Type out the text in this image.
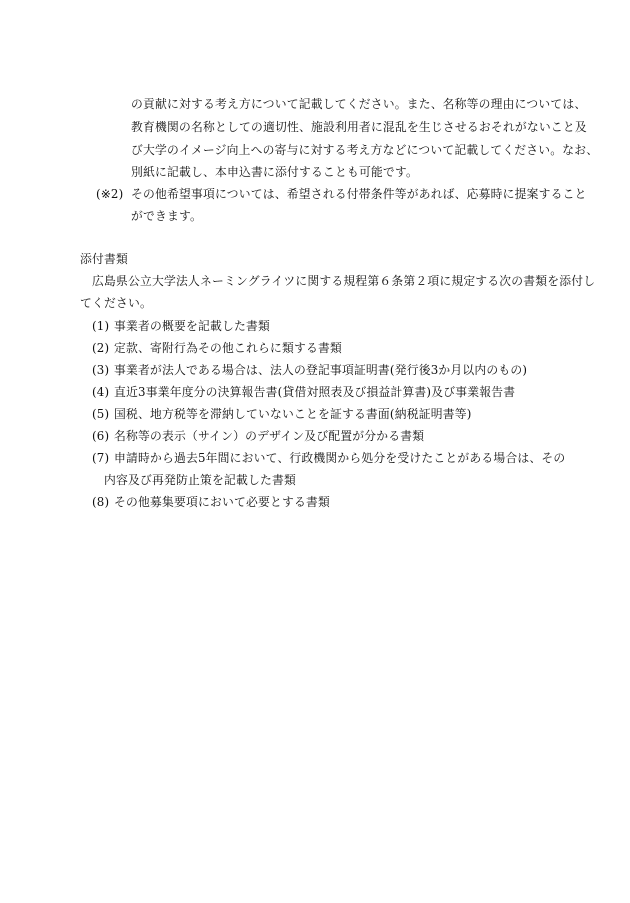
の貢献に対する考え方について記載してください。また、名称等の理由については、
教育機関の名称としての適切性、施設利用者に混乱を生じさせるおそれがないこと及
び大学のイメージ向上への寄与に対する考え方などについて記載してください。なお、
別紙に記載し、本申込書に添付することも可能です。
(※2) その他希望事項については、希望される付帯条件等があれば、応募時に提案すること
ができます。
添付書類
広島県公立大学法人ネーミングライツに関する規程第６条第２項に規定する次の書類を添付し
てください。
(1) 事業者の概要を記載した書類
(2) 定款、寄附行為その他これらに類する書類
(3) 事業者が法人である場合は、法人の登記事項証明書(発行後3か月以内のもの)
(4) 直近3事業年度分の決算報告書(貸借対照表及び損益計算書)及び事業報告書
(5) 国税、地方税等を滞納していないことを証する書面(納税証明書等)
(6) 名称等の表示（サイン）のデザイン及び配置が分かる書類
(7) 申請時から過去5年間において、行政機関から処分を受けたことがある場合は、その
内容及び再発防止策を記載した書類
(8) その他募集要項において必要とする書類
